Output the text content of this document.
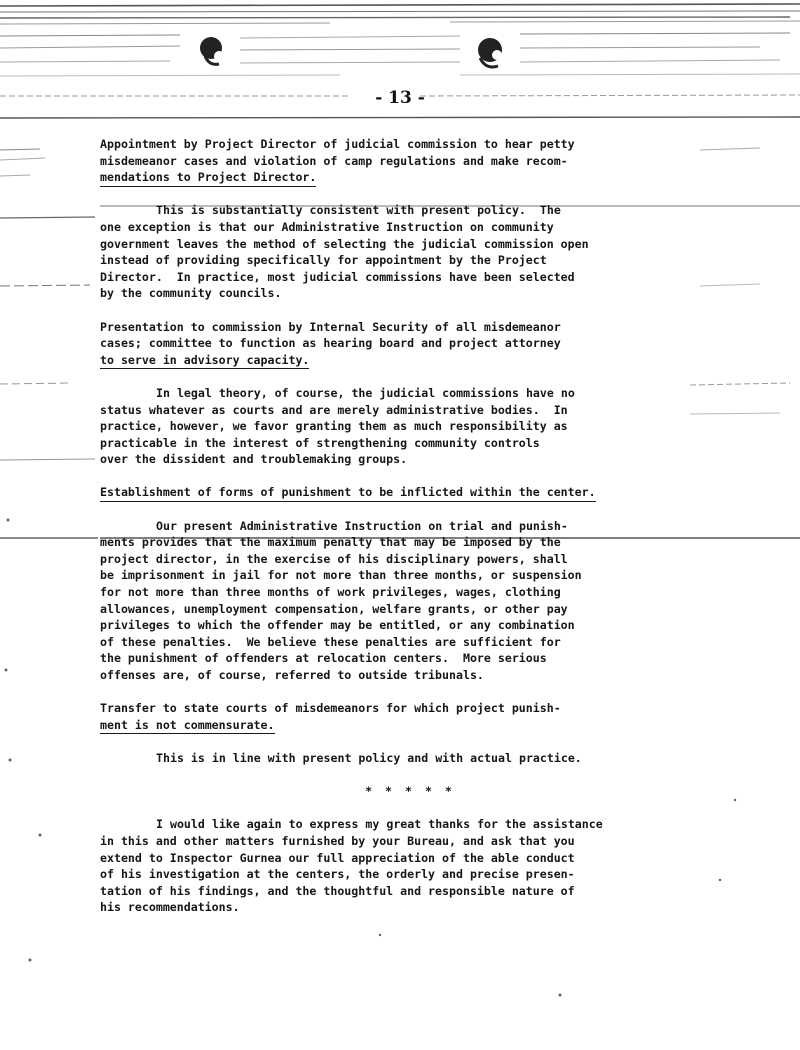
- 13 -
Appointment by Project Director of judicial commission to hear petty
misdemeanor cases and violation of camp regulations and make recom-
mendations to Project Director.
This is substantially consistent with present policy.  The
one exception is that our Administrative Instruction on community
government leaves the method of selecting the judicial commission open
instead of providing specifically for appointment by the Project
Director.  In practice, most judicial commissions have been selected
by the community councils.
Presentation to commission by Internal Security of all misdemeanor
cases; committee to function as hearing board and project attorney
to serve in advisory capacity.
In legal theory, of course, the judicial commissions have no
status whatever as courts and are merely administrative bodies.  In
practice, however, we favor granting them as much responsibility as
practicable in the interest of strengthening community controls
over the dissident and troublemaking groups.
Establishment of forms of punishment to be inflicted within the center.
Our present Administrative Instruction on trial and punish-
ments provides that the maximum penalty that may be imposed by the
project director, in the exercise of his disciplinary powers, shall
be imprisonment in jail for not more than three months, or suspension
for not more than three months of work privileges, wages, clothing
allowances, unemployment compensation, welfare grants, or other pay
privileges to which the offender may be entitled, or any combination
of these penalties.  We believe these penalties are sufficient for
the punishment of offenders at relocation centers.  More serious
offenses are, of course, referred to outside tribunals.
Transfer to state courts of misdemeanors for which project punish-
ment is not commensurate.
This is in line with present policy and with actual practice.
* * * * *
I would like again to express my great thanks for the assistance
in this and other matters furnished by your Bureau, and ask that you
extend to Inspector Gurnea our full appreciation of the able conduct
of his investigation at the centers, the orderly and precise presen-
tation of his findings, and the thoughtful and responsible nature of
his recommendations.
